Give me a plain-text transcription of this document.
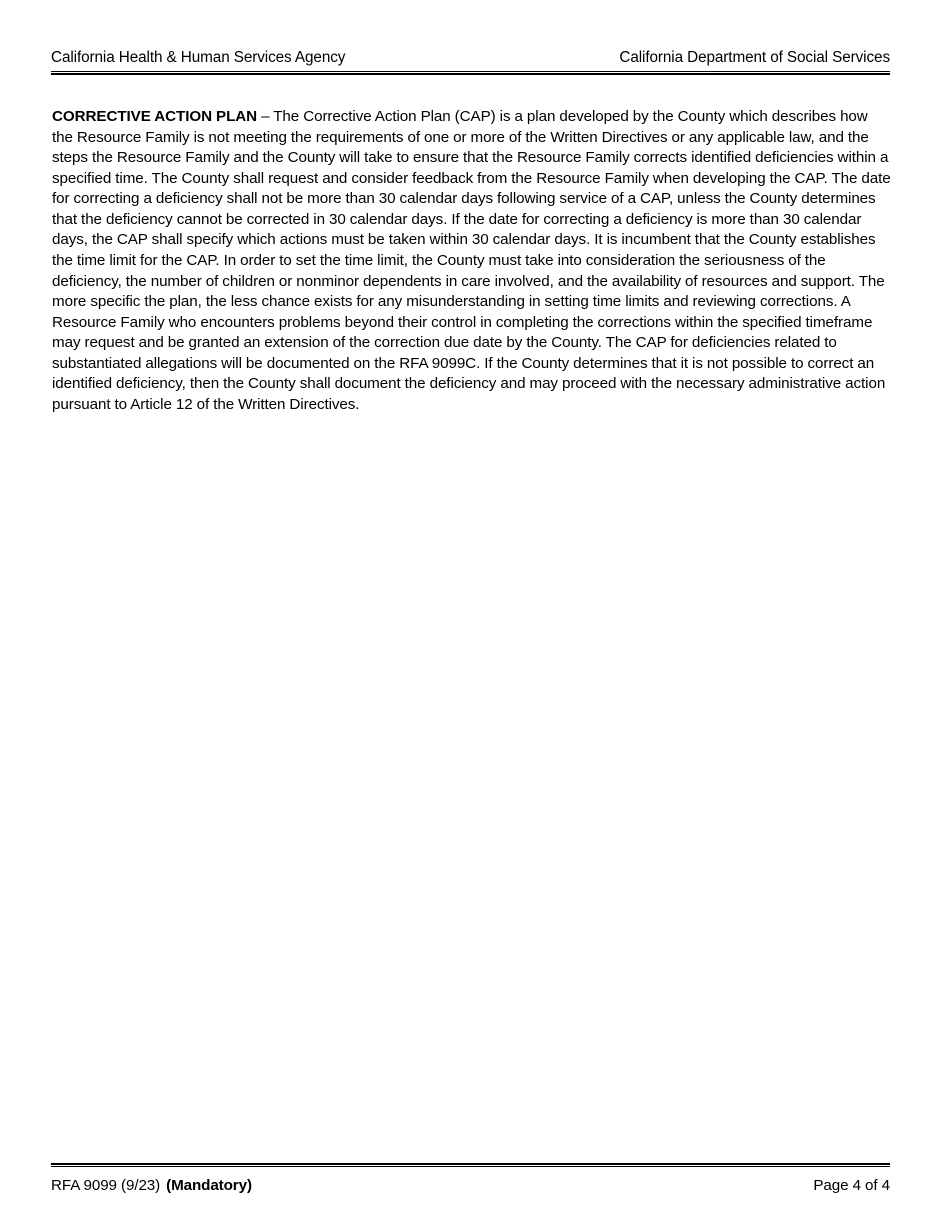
California Health & Human Services Agency	California Department of Social Services

CORRECTIVE ACTION PLAN – The Corrective Action Plan (CAP) is a plan developed by the County which describes how the Resource Family is not meeting the requirements of one or more of the Written Directives or any applicable law, and the steps the Resource Family and the County will take to ensure that the Resource Family corrects identified deficiencies within a specified time. The County shall request and consider feedback from the Resource Family when developing the CAP. The date for correcting a deficiency shall not be more than 30 calendar days following service of a CAP, unless the County determines that the deficiency cannot be corrected in 30 calendar days. If the date for correcting a deficiency is more than 30 calendar days, the CAP shall specify which actions must be taken within 30 calendar days. It is incumbent that the County establishes the time limit for the CAP. In order to set the time limit, the County must take into consideration the seriousness of the deficiency, the number of children or nonminor dependents in care involved, and the availability of resources and support. The more specific the plan, the less chance exists for any misunderstanding in setting time limits and reviewing corrections. A Resource Family who encounters problems beyond their control in completing the corrections within the specified timeframe may request and be granted an extension of the correction due date by the County. The CAP for deficiencies related to substantiated allegations will be documented on the RFA 9099C. If the County determines that it is not possible to correct an identified deficiency, then the County shall document the deficiency and may proceed with the necessary administrative action pursuant to Article 12 of the Written Directives.

RFA 9099 (9/23) (Mandatory)	Page 4 of 4
